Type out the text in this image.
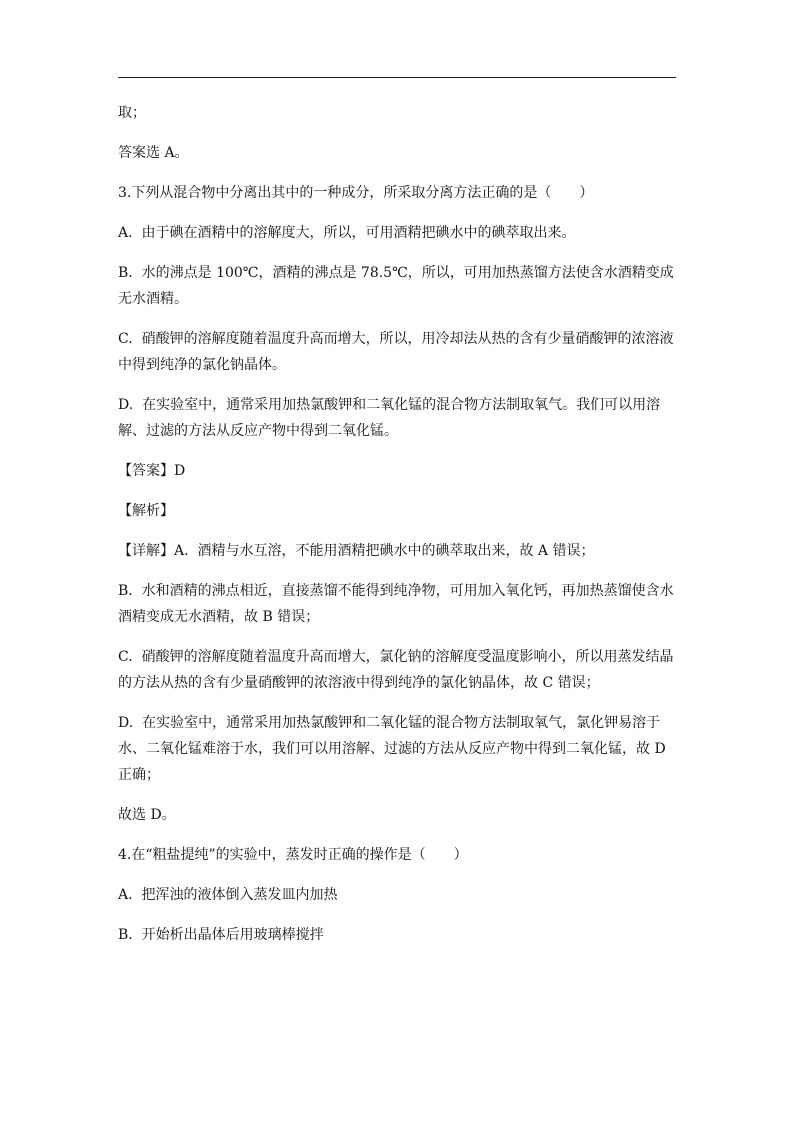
取；

答案选 A。

3.下列从混合物中分离出其中的一种成分，所采取分离方法正确的是（　　）

A.  由于碘在酒精中的溶解度大，所以，可用酒精把碘水中的碘萃取出来。

B.  水的沸点是 100℃，酒精的沸点是 78.5℃，所以，可用加热蒸馏方法使含水酒精变成无水酒精。

C.  硝酸钾的溶解度随着温度升高而增大，所以，用冷却法从热的含有少量硝酸钾的浓溶液中得到纯净的氯化钠晶体。

D.  在实验室中，通常采用加热氯酸钾和二氧化锰的混合物方法制取氧气。我们可以用溶解、过滤的方法从反应产物中得到二氧化锰。

【答案】D

【解析】

【详解】A.  酒精与水互溶，不能用酒精把碘水中的碘萃取出来，故 A 错误；

B.  水和酒精的沸点相近，直接蒸馏不能得到纯净物，可用加入氧化钙，再加热蒸馏使含水酒精变成无水酒精，故 B 错误；

C.  硝酸钾的溶解度随着温度升高而增大，氯化钠的溶解度受温度影响小，所以用蒸发结晶的方法从热的含有少量硝酸钾的浓溶液中得到纯净的氯化钠晶体，故 C 错误；

D.  在实验室中，通常采用加热氯酸钾和二氧化锰的混合物方法制取氧气，氯化钾易溶于水、二氧化锰难溶于水，我们可以用溶解、过滤的方法从反应产物中得到二氧化锰，故 D 正确；

故选 D。

4.在“粗盐提纯”的实验中，蒸发时正确的操作是（　　）

A.  把浑浊的液体倒入蒸发皿内加热

B.  开始析出晶体后用玻璃棒搅拌
